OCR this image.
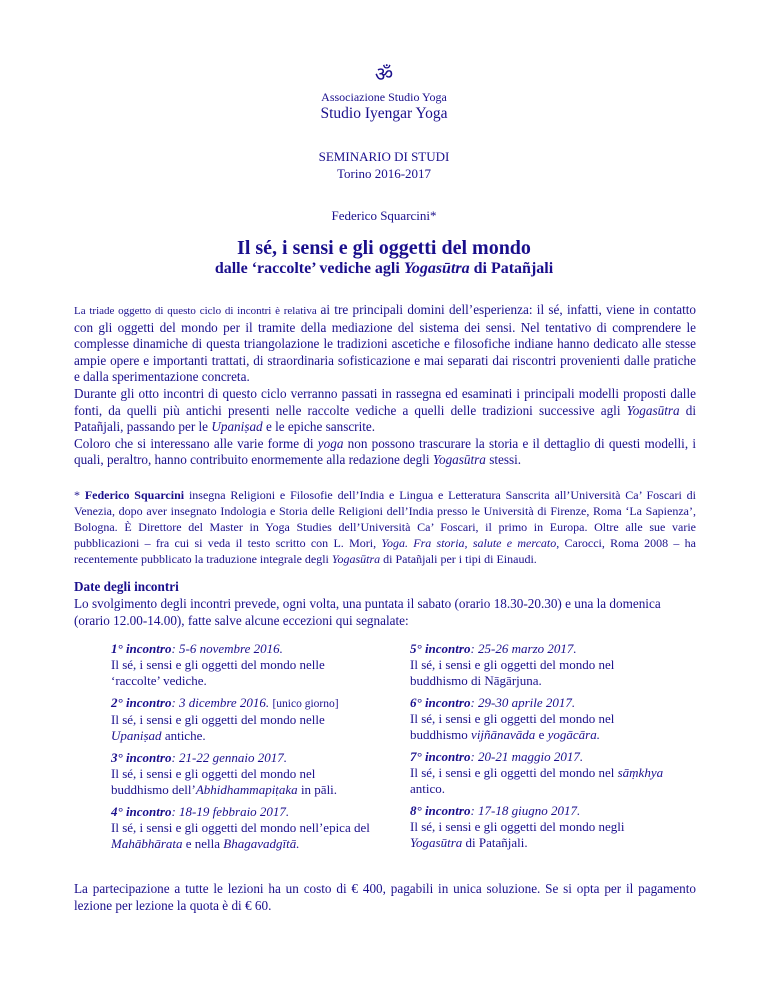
ॐ
Associazione Studio Yoga
Studio Iyengar Yoga
SEMINARIO DI STUDI
Torino 2016-2017
Federico Squarcini*
Il sé, i sensi e gli oggetti del mondo
dalle ‘raccolte’ vediche agli Yogasūtra di Patañjali

La triade oggetto di questo ciclo di incontri è relativa ai tre principali domini dell’esperienza: il sé, infatti, viene in contatto con gli oggetti del mondo per il tramite della mediazione del sistema dei sensi. Nel tentativo di comprendere le complesse dinamiche di questa triangolazione le tradizioni ascetiche e filosofiche indiane hanno dedicato alle stesse ampie opere e importanti trattati, di straordinaria sofisticazione e mai separati dai riscontri provenienti dalle pratiche e dalla sperimentazione concreta.

Durante gli otto incontri di questo ciclo verranno passati in rassegna ed esaminati i principali modelli proposti dalle fonti, da quelli più antichi presenti nelle raccolte vediche a quelli delle tradizioni successive agli Yogasūtra di Patañjali, passando per le Upaniṣad e le epiche sanscrite.

Coloro che si interessano alle varie forme di yoga non possono trascurare la storia e il dettaglio di questi modelli, i quali, peraltro, hanno contribuito enormemente alla redazione degli Yogasūtra stessi.

* Federico Squarcini insegna Religioni e Filosofie dell’India e Lingua e Letteratura Sanscrita all’Università Ca’ Foscari di Venezia, dopo aver insegnato Indologia e Storia delle Religioni dell’India presso le Università di Firenze, Roma ‘La Sapienza’, Bologna. È Direttore del Master in Yoga Studies dell’Università Ca’ Foscari, il primo in Europa. Oltre alle sue varie pubblicazioni – fra cui si veda il testo scritto con L. Mori, Yoga. Fra storia, salute e mercato, Carocci, Roma 2008 – ha recentemente pubblicato la traduzione integrale degli Yogasūtra di Patañjali per i tipi di Einaudi.
Date degli incontri
Lo svolgimento degli incontri prevede, ogni volta, una puntata il sabato (orario 18.30-20.30) e una la domenica (orario 12.00-14.00), fatte salve alcune eccezioni qui segnalate:
1° incontro: 5-6 novembre 2016.
Il sé, i sensi e gli oggetti del mondo nelle ‘raccolte’ vediche.
2° incontro: 3 dicembre 2016. [unico giorno]
Il sé, i sensi e gli oggetti del mondo nelle Upaniṣad antiche.
3° incontro: 21-22 gennaio 2017.
Il sé, i sensi e gli oggetti del mondo nel buddhismo dell’Abhidhammapiṭaka in pāli.
4° incontro: 18-19 febbraio 2017.
Il sé, i sensi e gli oggetti del mondo nell’epica del Mahābhārata e nella Bhagavadgītā.
5° incontro: 25-26 marzo 2017.
Il sé, i sensi e gli oggetti del mondo nel buddhismo di Nāgārjuna.
6° incontro: 29-30 aprile 2017.
Il sé, i sensi e gli oggetti del mondo nel buddhismo vijñānavāda e yogācāra.
7° incontro: 20-21 maggio 2017.
Il sé, i sensi e gli oggetti del mondo nel sāṃkhya antico.
8° incontro: 17-18 giugno 2017.
Il sé, i sensi e gli oggetti del mondo negli Yogasūtra di Patañjali.
La partecipazione a tutte le lezioni ha un costo di € 400, pagabili in unica soluzione. Se si opta per il pagamento lezione per lezione la quota è di € 60.
